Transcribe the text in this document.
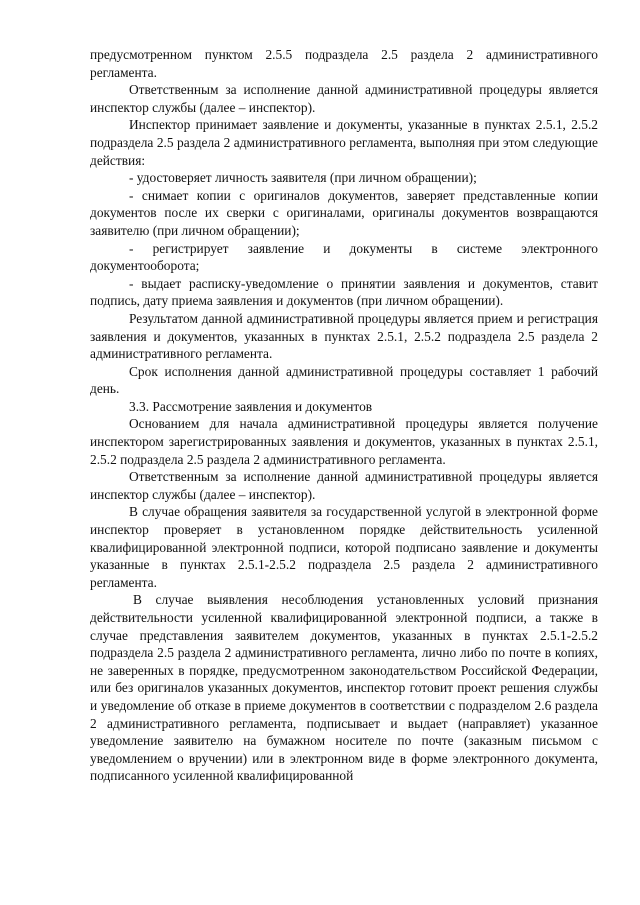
предусмотренном пунктом 2.5.5 подраздела 2.5 раздела 2 административного регламента.

Ответственным за исполнение данной административной процедуры является инспектор службы (далее – инспектор).

Инспектор принимает заявление и документы, указанные в пунктах 2.5.1, 2.5.2 подраздела 2.5 раздела 2 административного регламента, выполняя при этом следующие действия:

- удостоверяет личность заявителя (при личном обращении);

- снимает копии с оригиналов документов, заверяет представленные копии документов после их сверки с оригиналами, оригиналы документов возвращаются заявителю (при личном обращении);

- регистрирует заявление и документы в системе электронного документооборота;

- выдает расписку-уведомление о принятии заявления и документов, ставит подпись, дату приема заявления и документов (при личном обращении).

Результатом данной административной процедуры является прием и регистрация заявления и документов, указанных в пунктах 2.5.1, 2.5.2 подраздела 2.5 раздела 2 административного регламента.

Срок исполнения данной административной процедуры составляет 1 рабочий день.

3.3. Рассмотрение заявления и документов

Основанием для начала административной процедуры является получение инспектором зарегистрированных заявления и документов, указанных в пунктах 2.5.1, 2.5.2 подраздела 2.5 раздела 2 административного регламента.

Ответственным за исполнение данной административной процедуры является инспектор службы (далее – инспектор).

В случае обращения заявителя за государственной услугой в электронной форме инспектор проверяет в установленном порядке действительность усиленной квалифицированной электронной подписи, которой подписано заявление и документы указанные в пунктах 2.5.1-2.5.2 подраздела 2.5 раздела 2 административного регламента.

В случае выявления несоблюдения установленных условий признания действительности усиленной квалифицированной электронной подписи, а также в случае представления заявителем документов, указанных в пунктах 2.5.1-2.5.2 подраздела 2.5 раздела 2 административного регламента, лично либо по почте в копиях, не заверенных в порядке, предусмотренном законодательством Российской Федерации, или без оригиналов указанных документов, инспектор готовит проект решения службы и уведомление об отказе в приеме документов в соответствии с подразделом 2.6 раздела 2 административного регламента, подписывает и выдает (направляет) указанное уведомление заявителю на бумажном носителе по почте (заказным письмом с уведомлением о вручении) или в электронном виде в форме электронного документа, подписанного усиленной квалифицированной
